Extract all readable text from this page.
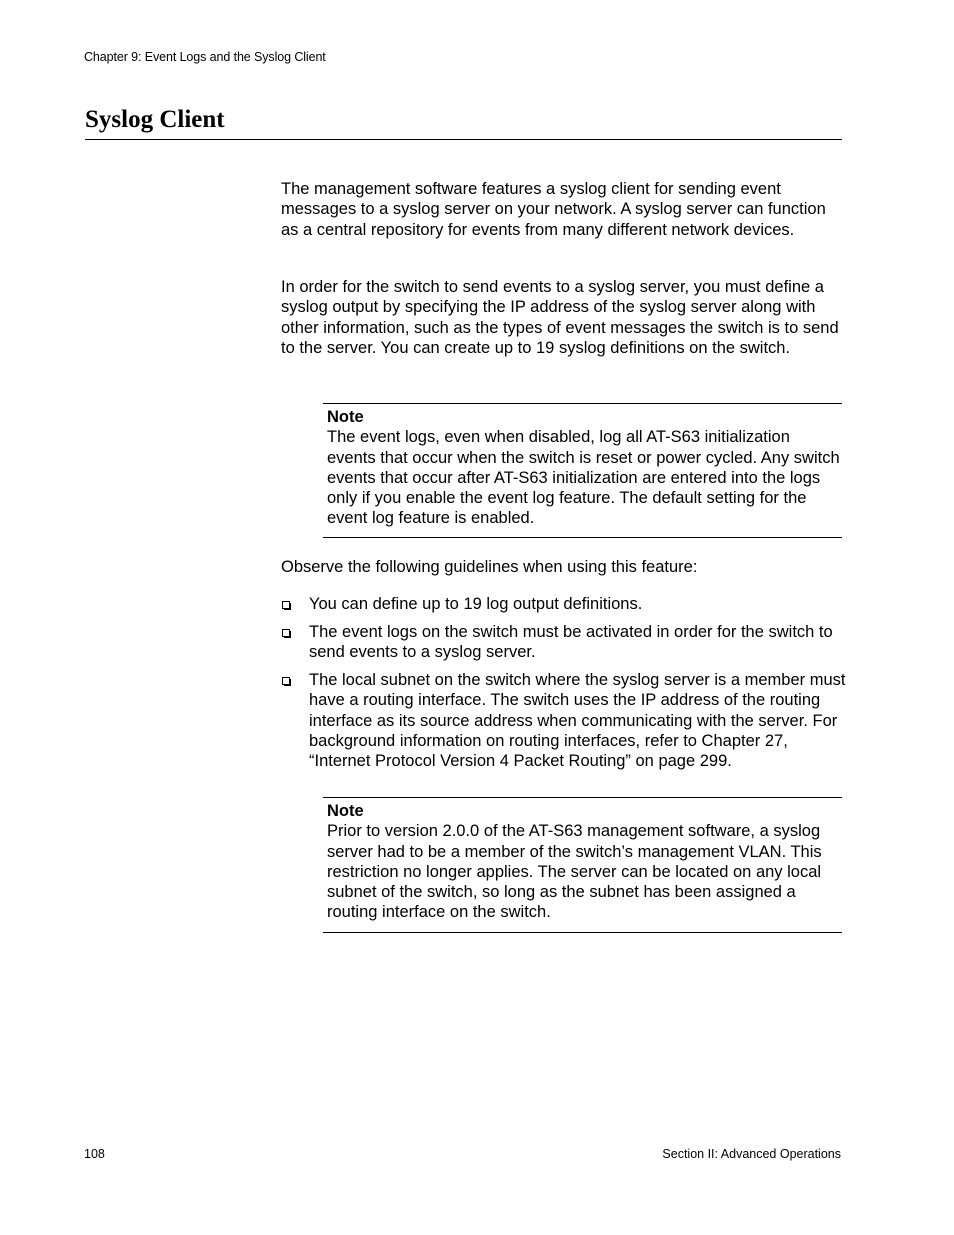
Chapter 9: Event Logs and the Syslog Client
Syslog Client

The management software features a syslog client for sending event messages to a syslog server on your network. A syslog server can function as a central repository for events from many different network devices.

In order for the switch to send events to a syslog server, you must define a syslog output by specifying the IP address of the syslog server along with other information, such as the types of event messages the switch is to send to the server. You can create up to 19 syslog definitions on the switch.

Note

The event logs, even when disabled, log all AT-S63 initialization events that occur when the switch is reset or power cycled. Any switch events that occur after AT-S63 initialization are entered into the logs only if you enable the event log feature. The default setting for the event log feature is enabled.

Observe the following guidelines when using this feature:

You can define up to 19 log output definitions.
The event logs on the switch must be activated in order for the switch to send events to a syslog server.
The local subnet on the switch where the syslog server is a member must have a routing interface. The switch uses the IP address of the routing interface as its source address when communicating with the server. For background information on routing interfaces, refer to Chapter 27, “Internet Protocol Version 4 Packet Routing” on page 299.
Note

Prior to version 2.0.0 of the AT-S63 management software, a syslog server had to be a member of the switch’s management VLAN. This restriction no longer applies. The server can be located on any local subnet of the switch, so long as the subnet has been assigned a routing interface on the switch.

108	Section II: Advanced Operations
